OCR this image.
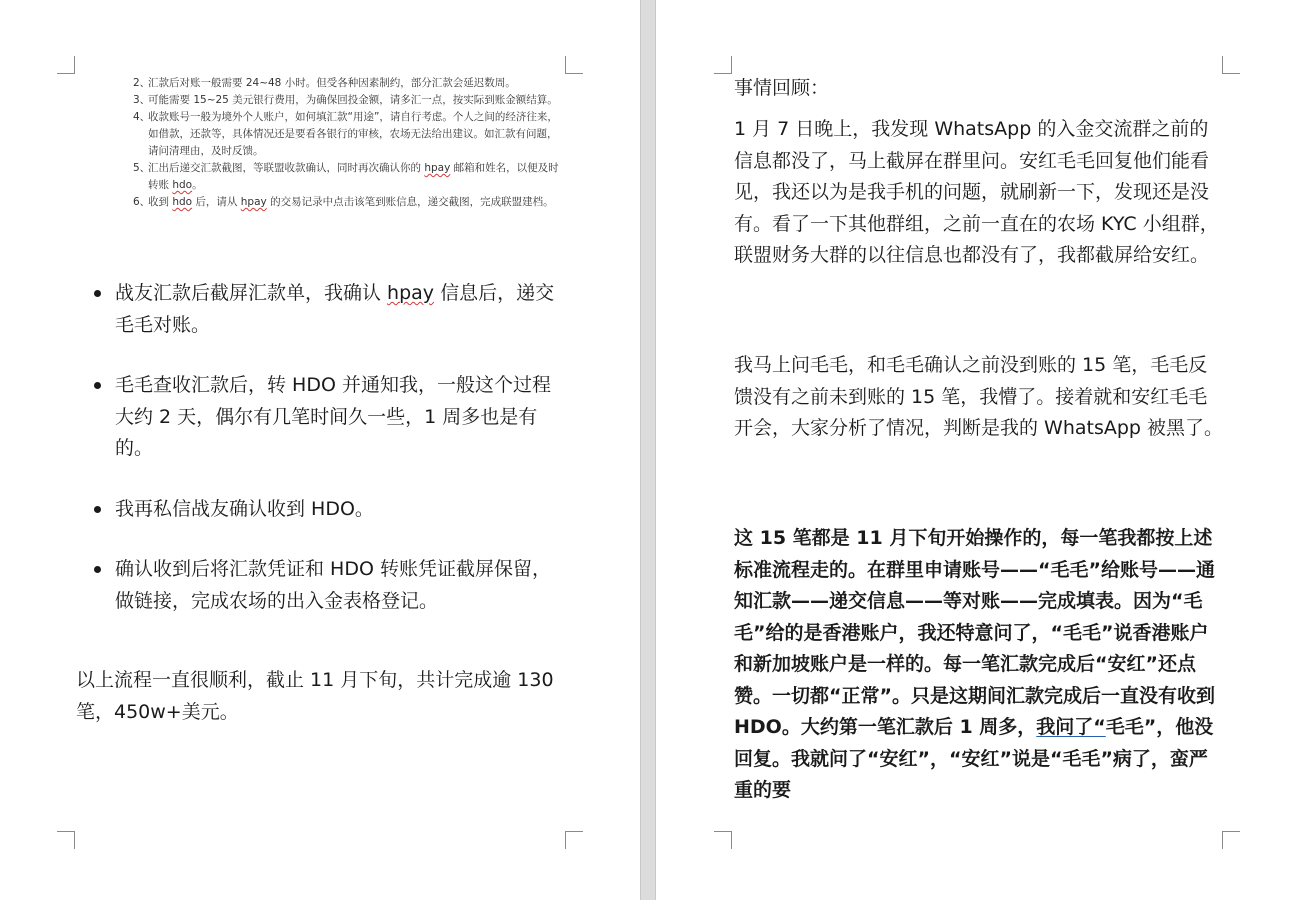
2、
汇款后对账一般需要 24~48 小时。但受各种因素制约，部分汇款会延迟数周。
3、
可能需要 15~25 美元银行费用，为确保回投金额，请多汇一点，按实际到账金额结算。
4、
收款账号一般为境外个人账户，如何填汇款“用途”，请自行考虑。个人之间的经济往来，如借款，还款等，具体情况还是要看各银行的审核，农场无法给出建议。如汇款有问题，请问清理由，及时反馈。
5、
汇出后递交汇款截图，等联盟收款确认，同时再次确认你的 hpay 邮箱和姓名，以便及时转账 hdo。
6、
收到 hdo 后，请从 hpay 的交易记录中点击该笔到账信息，递交截图，完成联盟建档。
战友汇款后截屏汇款单，我确认 hpay 信息后，递交毛毛对账。
毛毛查收汇款后，转 HDO 并通知我，一般这个过程大约 2 天，偶尔有几笔时间久一些，1 周多也是有的。
我再私信战友确认收到 HDO。
确认收到后将汇款凭证和 HDO 转账凭证截屏保留，做链接，完成农场的出入金表格登记。

以上流程一直很顺利，截止 11 月下旬，共计完成逾 130 笔，450w+美元。

事情回顾：

1 月 7 日晚上，我发现 WhatsApp 的入金交流群之前的信息都没了，马上截屏在群里问。安红毛毛回复他们能看见，我还以为是我手机的问题，就刷新一下，发现还是没有。看了一下其他群组，之前一直在的农场 KYC 小组群，联盟财务大群的以往信息也都没有了，我都截屏给安红。

我马上问毛毛，和毛毛确认之前没到账的 15 笔，毛毛反馈没有之前未到账的 15 笔，我懵了。接着就和安红毛毛开会，大家分析了情况，判断是我的 WhatsApp 被黑了。

这 15 笔都是 11 月下旬开始操作的，每一笔我都按上述标准流程走的。在群里申请账号——“毛毛”给账号——通知汇款——递交信息——等对账——完成填表。因为“毛毛”给的是香港账户，我还特意问了，“毛毛”说香港账户和新加坡账户是一样的。每一笔汇款完成后“安红”还点赞。一切都“正常”。只是这期间汇款完成后一直没有收到 HDO。大约第一笔汇款后 1 周多，我问了“毛毛”，他没回复。我就问了“安红”，“安红”说是“毛毛”病了，蛮严重的要
